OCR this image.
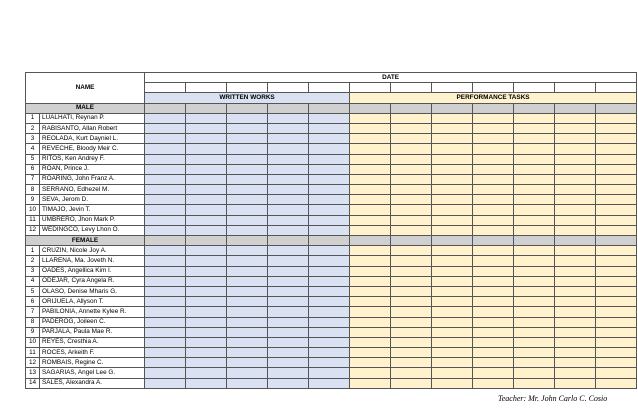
NAME		DATE											

		WRITTEN WORKS					PERFORMANCE TASKS						
MALE													
1	LUALHATI, Reynan P.												
2	RABISANTO, Allan Robert												
3	REOLADA, Kurt Dayniel L.												
4	REVECHE, Bloody Meir C.												
5	RITOS, Ken Andrey F.												
6	ROAN, Prince J.												
7	ROARING, John Franz A.												
8	SERRANO, Edhezel M.												
9	SEVA, Jerom D.												
10	TIMAJO, Jevin T.												
11	UMBRERO, Jhon Mark P.												
12	WEDINGCO, Levy Lhon O.												
FEMALE													
1	CRUZIN, Nicole Joy A.												
2	LLARENA, Ma. Joveth N.												
3	OADES, Angellica Kim I.												
4	ODEJAR, Cyra Angela R.												
5	OLASO, Denise Mharis G.												
6	ORIJUELA, Allyson T.												
7	PABILONIA, Annette Kylee R.												
8	PADEROG, Joileen C.												
9	PARJALA, Paula Mae R.												
10	REYES, Cresthia A.												
11	ROCES, Arkeith F.												
12	ROMBAIS, Regine C.												
13	SAGARIAS, Angel Lee G.												
14	SALES, Alexandra A.												
Teacher: Mr. John Carlo C. Cosio
